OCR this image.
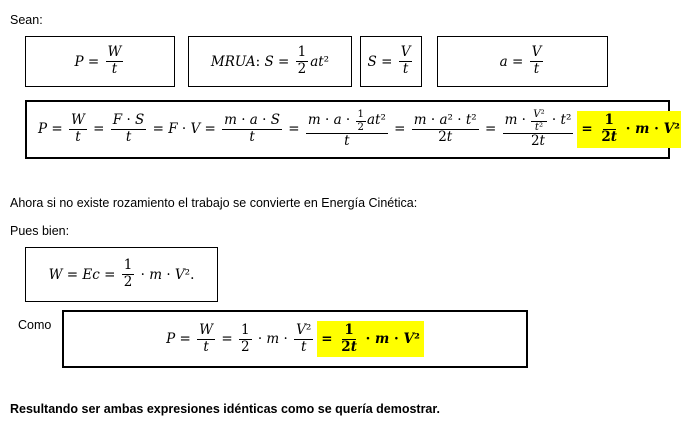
Sean:
$P = \frac{W}{t}$	MRUA : $S = \frac{1}{2}$ at ²	$S = \frac{V}{t}$	$a = \frac{V}{t}$
$P = \frac{W}{t} = \frac{F \cdot S}{t} = F \cdot V = \frac{m \cdot a \cdot S}{t} = \frac{m \cdot a \cdot \frac{1}{2} at ^2}{t} = \frac{\text{m · a ² · t ²}}{2 t} = \frac{m \cdot \frac{\text{V ²}}{\text{t ²}} \cdot t ^2}{2 t} = \frac{1}{2 t} \cdot m \cdot V$ ²
Ahora si no existe rozamiento el trabajo se convierte en Energía Cinética:
Pues bien:
$W = Ec = \frac{1}{2} \cdot m \cdot V$ ².
Como
$P = \frac{W}{t} = \frac{1}{2} \cdot m \cdot \frac{\text{V ²}}{t} = \frac{1}{2 t} \cdot m \cdot V$ ²
Resultando ser ambas expresiones idénticas como se quería demostrar.
